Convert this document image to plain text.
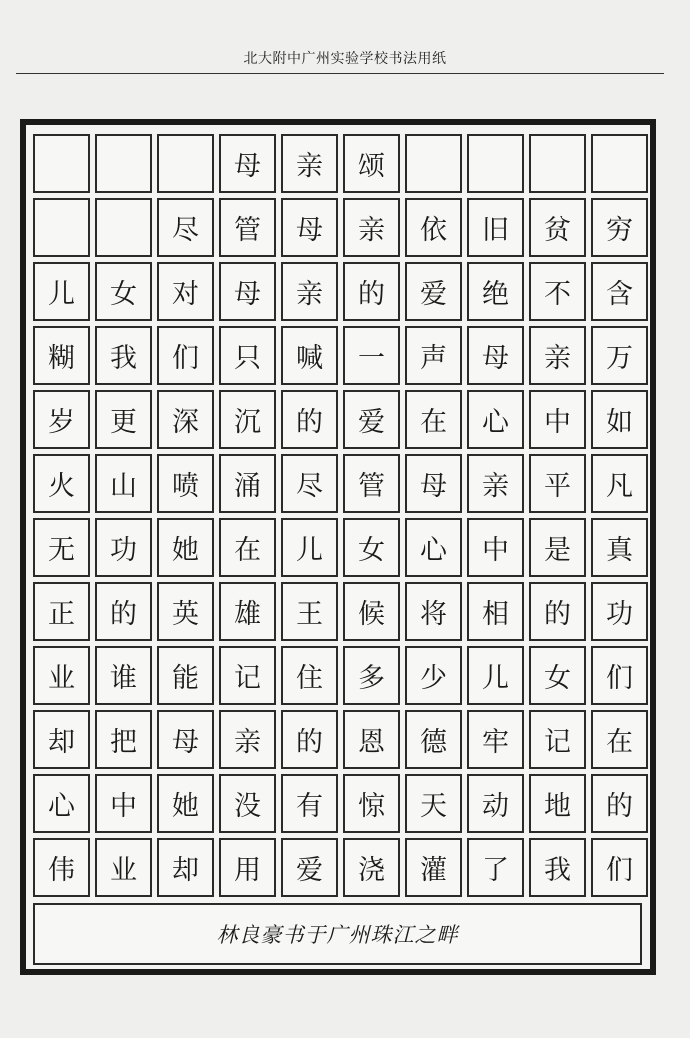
北大附中广州实验学校书法用纸
母	亲	颂
穷
含
万
如
凡
真
功
们
在
的
们
贫
不
亲
中
平
是
的
女
记
地
我
旧
绝
母
心
亲
中
相
儿
牢
动
了
依
爱
声
在
母
心
将
少
德
天
灌
亲
的
一
爱
管
女
候
多
恩
惊
浇
母
亲
喊
的
尽
儿
王
住
的
有
爱
管
母
只
沉
涌
在
雄
记
亲
没
用
尽
对
们
深
喷
她
英
能
母
她
却
女
我
更
山
功
的
谁
把
中
业
儿
糊
岁
火
无
正
业
却
心
伟
林良豪书于广州珠江之畔
